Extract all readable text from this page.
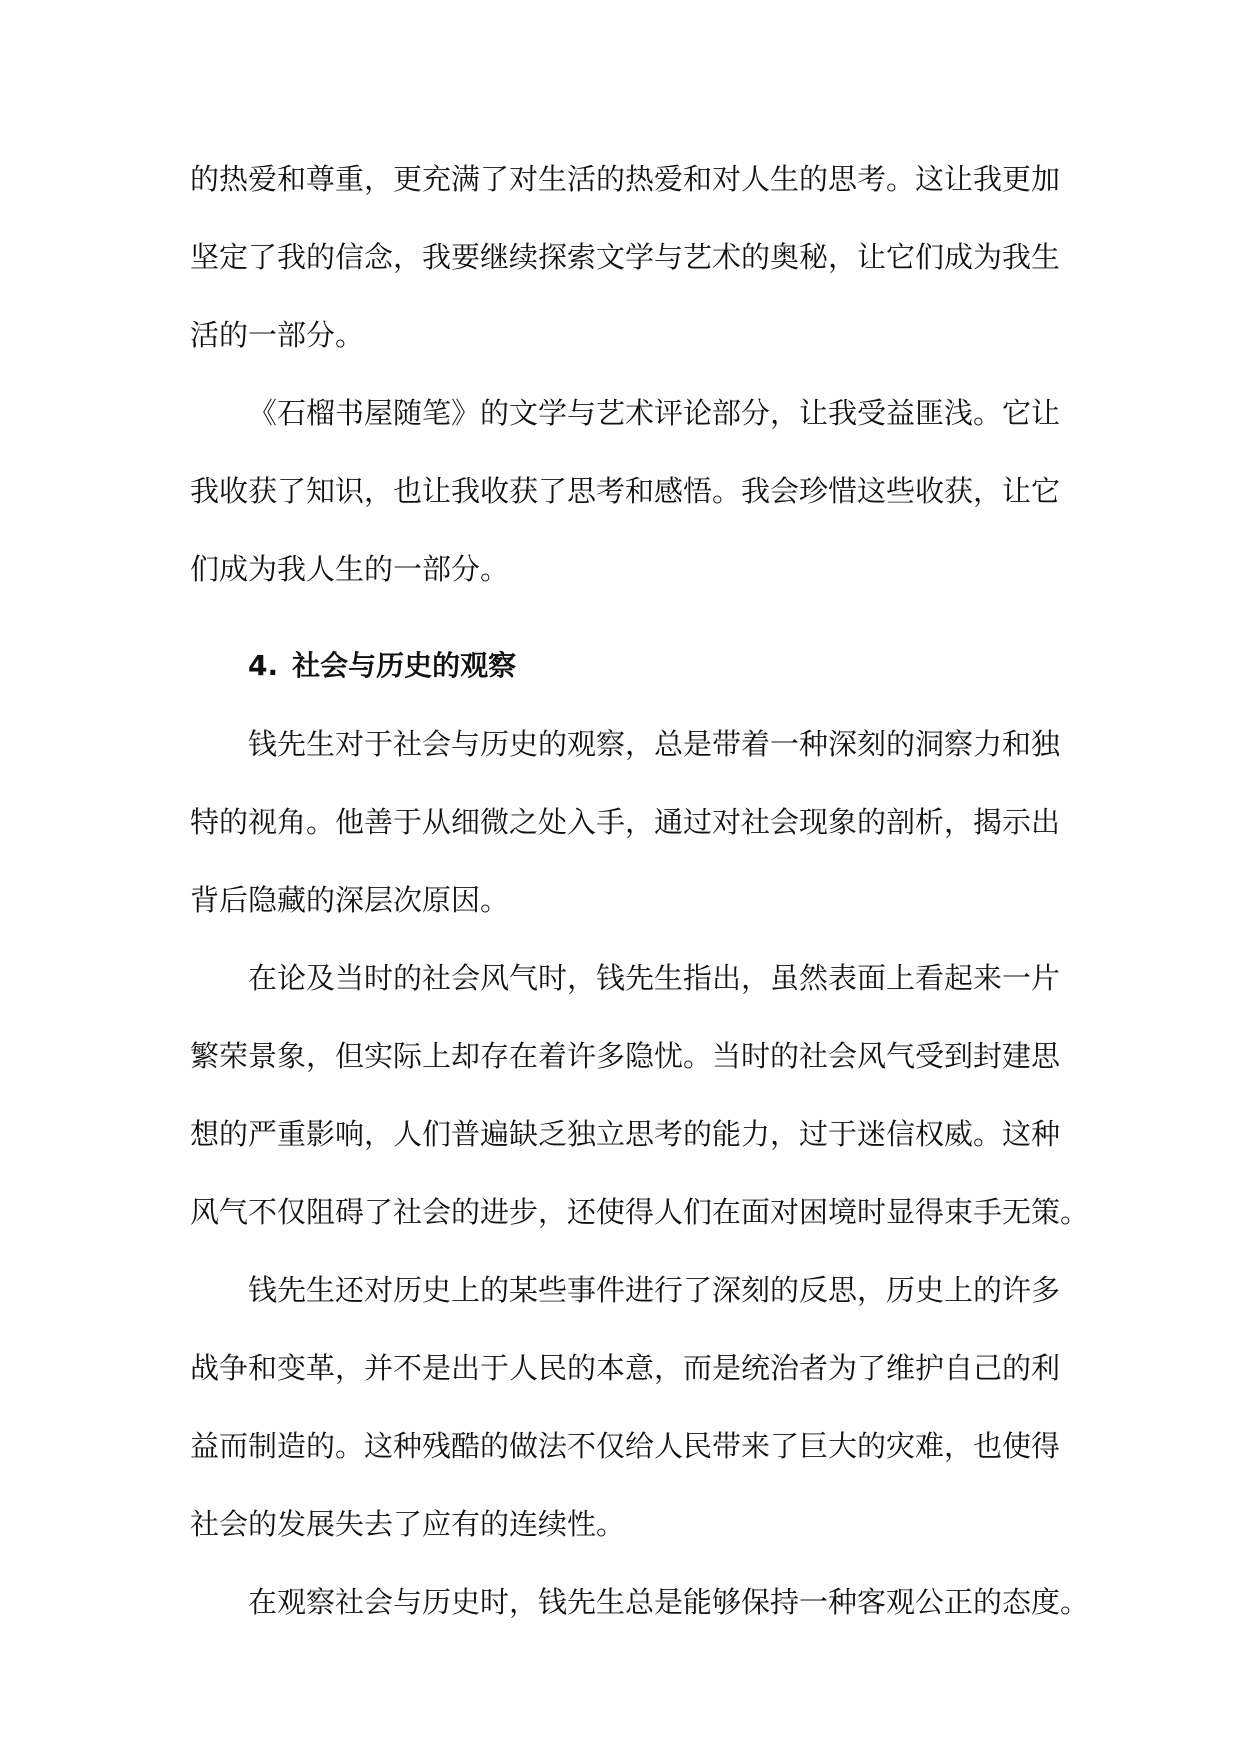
的热爱和尊重，更充满了对生活的热爱和对人生的思考。这让我更加
坚定了我的信念，我要继续探索文学与艺术的奥秘，让它们成为我生
活的一部分。
《石榴书屋随笔》的文学与艺术评论部分，让我受益匪浅。它让
我收获了知识，也让我收获了思考和感悟。我会珍惜这些收获，让它
们成为我人生的一部分。
4. 社会与历史的观察
钱先生对于社会与历史的观察，总是带着一种深刻的洞察力和独
特的视角。他善于从细微之处入手，通过对社会现象的剖析，揭示出
背后隐藏的深层次原因。
在论及当时的社会风气时，钱先生指出，虽然表面上看起来一片
繁荣景象，但实际上却存在着许多隐忧。当时的社会风气受到封建思
想的严重影响，人们普遍缺乏独立思考的能力，过于迷信权威。这种
风气不仅阻碍了社会的进步，还使得人们在面对困境时显得束手无策。
钱先生还对历史上的某些事件进行了深刻的反思，历史上的许多
战争和变革，并不是出于人民的本意，而是统治者为了维护自己的利
益而制造的。这种残酷的做法不仅给人民带来了巨大的灾难，也使得
社会的发展失去了应有的连续性。
在观察社会与历史时，钱先生总是能够保持一种客观公正的态度。
